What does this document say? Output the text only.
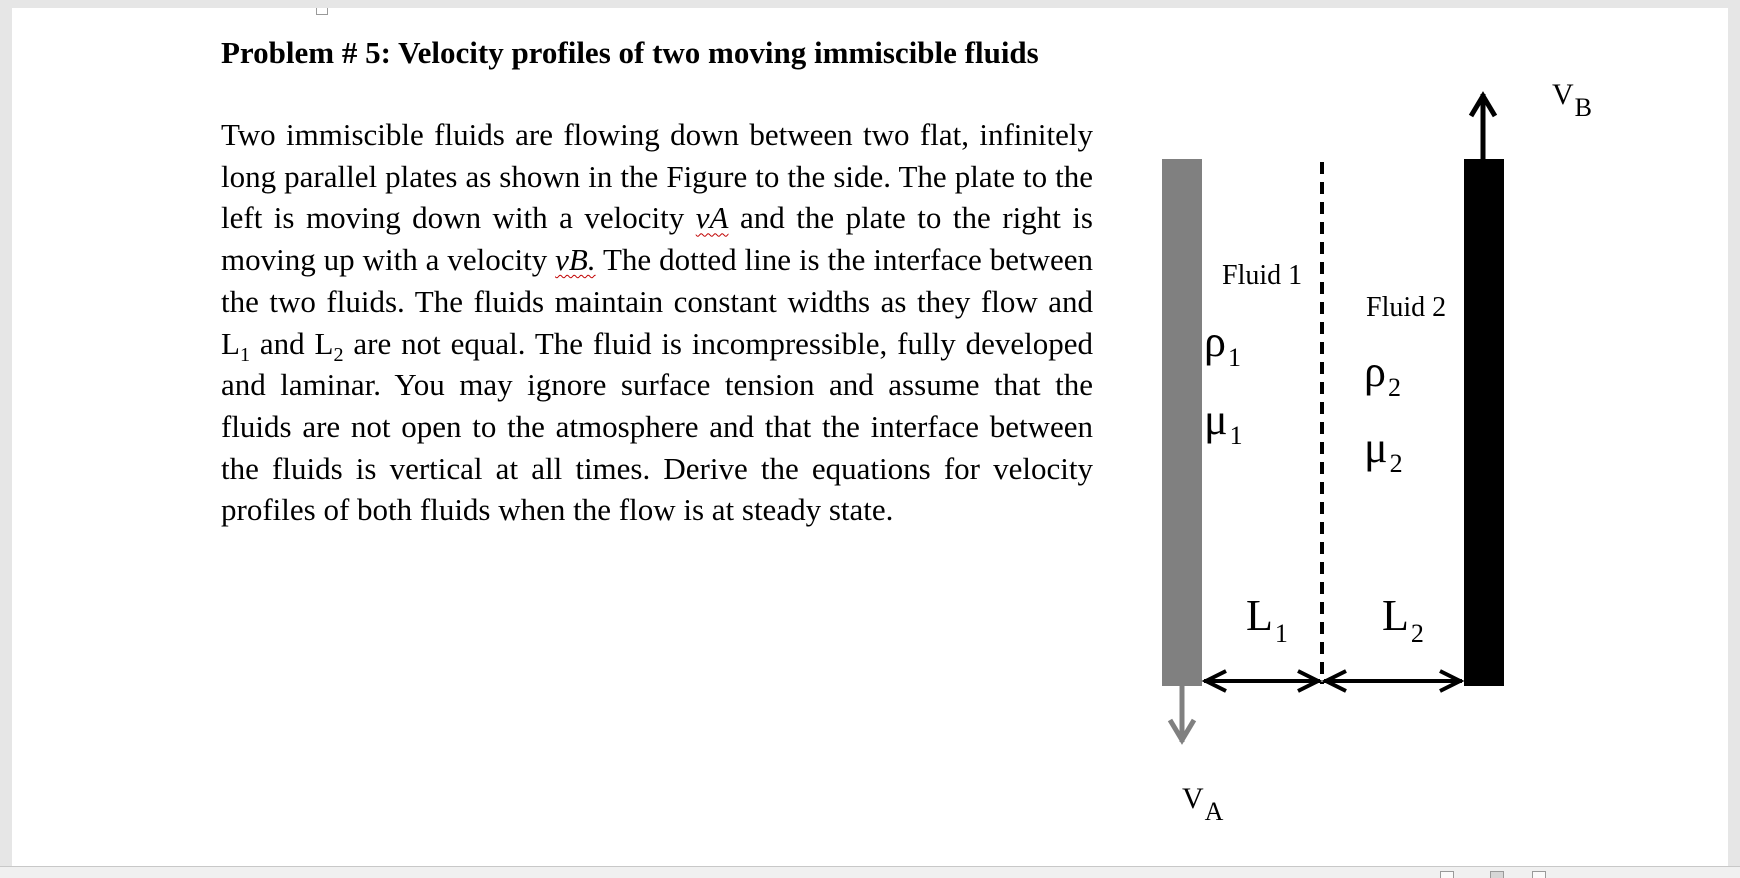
Problem # 5: Velocity profiles of two moving immiscible fluids

Two immiscible fluids are flowing down between two flat, infinitely long parallel plates as shown in the Figure to the side. The plate to the left is moving down with a velocity vA and the plate to the right is moving up with a velocity vB. The dotted line is the interface between the two fluids. The fluids maintain constant widths as they flow and $L_1$ and $L_2$ are not equal. The fluid is incompressible, fully developed and laminar. You may ignore surface tension and assume that the fluids are not open to the atmosphere and that the interface between the fluids is vertical at all times. Derive the equations for velocity profiles of both fluids when the flow is at steady state.

VB
VA
Fluid 1
Fluid 2
$\rho_1$
$\mu_1$
$\rho_2$
$\mu_2$
$L_1$ $L_2$
